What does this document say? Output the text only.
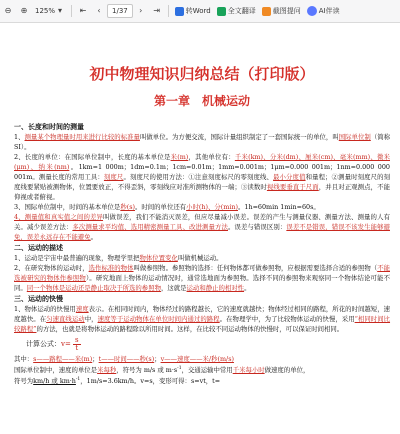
⊖ ⊕ 125% ▾	⇤	‹	1/37	›	⇥	转Word 全文翻译 截图提问	AI伴读
初中物理知识归纳总结（打印版）
第一章　机械运动
一、长度和时间的测量

1、测量某个物理量时用来进行比较的标准量叫做单位。为方便交流，国际计量组织制定了一套国际统一的单位，叫国际单位制（简称 SI）。

2、长度的单位：在国际单位制中，长度的基本单位是米(m)，其他单位有：千米(km)、分米(dm)、厘米(cm)、毫米(mm)、微米(μm)、纳米(nm)。1km=1 000m；1dm=0.1m；1cm=0.01m；1mm=0.001m；1μm=0.000 001m；1nm=0.000 000 001m。测量长度的常用工具：刻度尺。刻度尺的使用方法：①注意刻度标尺的零刻度线、最小分度值和量程；②测量时刻度尺的刻度线要紧贴被测物体，位置要放正，不得歪斜，零刻线应对准所测物体的一端；③读数时视线要垂直于尺面，并且对正观测点，不能仰视或者俯视。

3、国际单位制中，时间的基本单位是秒(s)。时间的单位还有小时(h)、分(min)。1h=60min 1min=60s。

4、测量值和真实值之间的差异叫做误差，我们不能消灭误差，但应尽量减小误差。误差的产生与测量仪器、测量方法、测量的人有关。减少误差方法：多次测量求平均值、选用精密测量工具、改进测量方法。误差与错误区别：误差不是错误，错误不该发生能够避免，误差永远存在不能避免。

二、运动的描述

1、运动是宇宙中最普遍的现象，物理学里把物体位置变化叫做机械运动。

2、在研究物体的运动时，选作标准的物体叫做参照物。参照物的选择：任何物体都可做参照物，应根据需要选择合适的参照物（不能选被研究的物体作参照物）。研究地面上物体的运动情况时，通常选地面为参照物。选择不同的参照物来观察同一个物体结论可能不同。同一个物体是运动还是静止取决于所选的参照物，这就是运动和静止的相对性。

三、运动的快慢

1、物体运动的快慢用速度表示。在相同时间内，物体经过的路程越长，它的速度就越快；物体经过相同的路程，所花的时间越短，速度越快。在匀速直线运动中，速度等于运动物体在单位时间内通过的路程。在物理学中，为了比较物体运动的快慢，采用“相同时间比较路程”的方法，也就是将物体运动的路程除以所用时间。这样，在比较不同运动物体的快慢时，可以保证时间相同。

计算公式： $v= \frac{s}{t}$

其中：s——路程——米(m)；t——时间——秒(s)；v——速度——米/秒(m/s)

国际单位制中，速度的单位是米每秒，符号为 m/s 或 $m\cdot s^{-1}$，交通运输中常用千米每小时做速度的单位，

符号为km/h 或 $km\cdot h^{-1}$，1m/s=3.6km/h。v=s，变形可得：s=vt，t=
